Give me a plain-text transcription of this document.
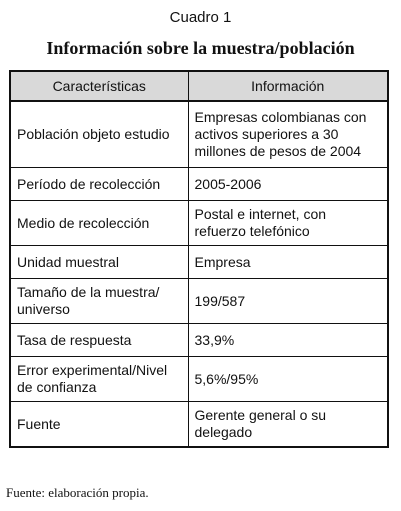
Cuadro 1
Información sobre la muestra/población
Características	Información
Población objeto estudio	Empresas colombianas con activos superiores a 30 millones de pesos de 2004
Período de recolección	2005-2006
Medio de recolección	Postal e internet, con refuerzo telefónico
Unidad muestral	Empresa
Tamaño de la muestra/ universo	199/587
Tasa de respuesta	33,9%
Error experimental/Nivel de confianza	5,6%/95%
Fuente	Gerente general o su delegado
Fuente: elaboración propia.
